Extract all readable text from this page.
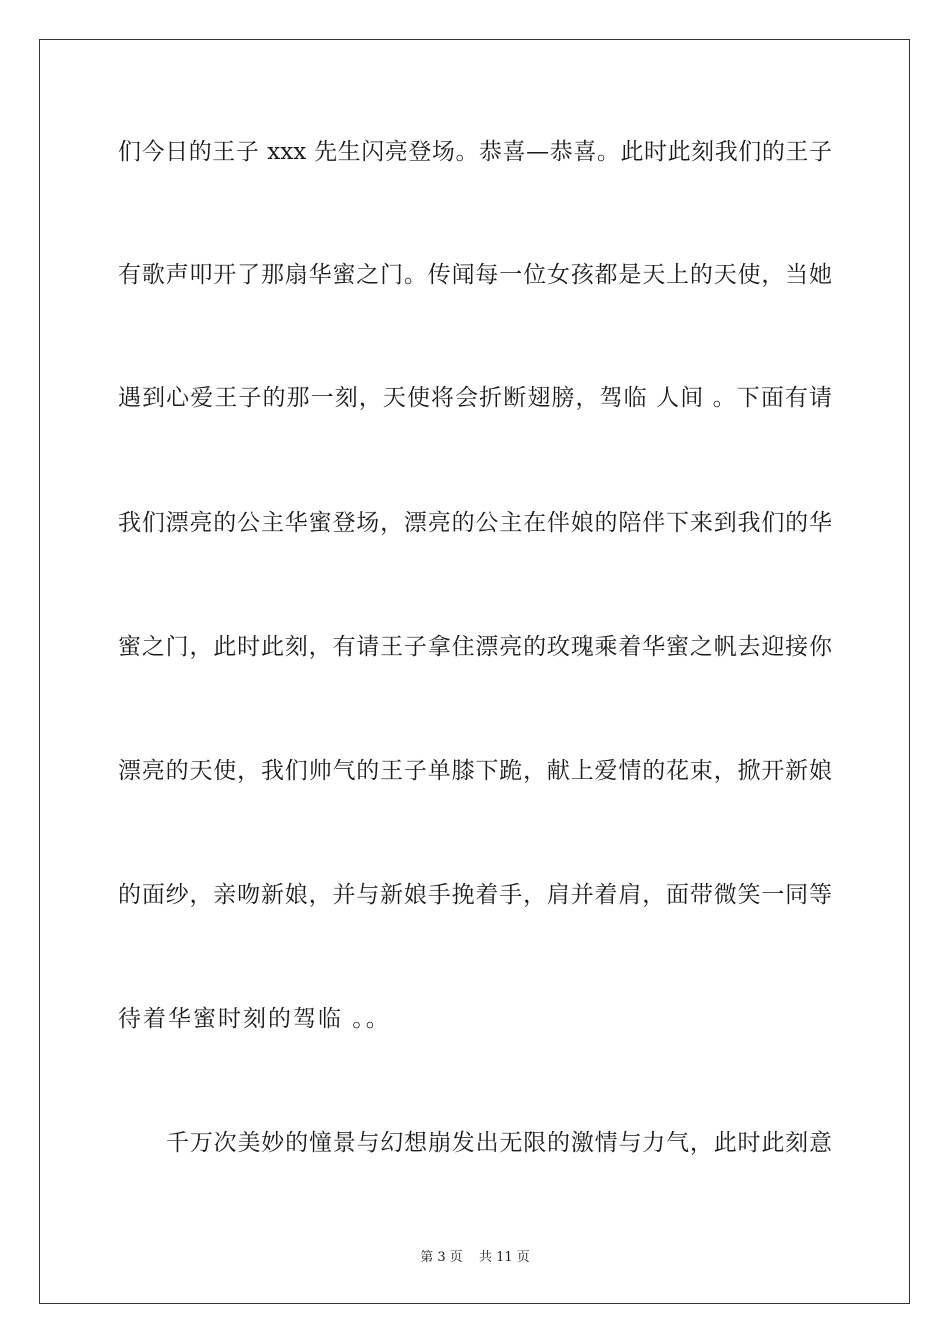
们今日的王子 xxx 先生闪亮登场。恭喜—恭喜。此时此刻我们的王子
有歌声叩开了那扇华蜜之门。传闻每一位女孩都是天上的天使，当她
遇到心爱王子的那一刻，天使将会折断翅膀，驾临 人间 。下面有请
我们漂亮的公主华蜜登场，漂亮的公主在伴娘的陪伴下来到我们的华
蜜之门，此时此刻，有请王子拿住漂亮的玫瑰乘着华蜜之帆去迎接你
漂亮的天使，我们帅气的王子单膝下跪，献上爱情的花束，掀开新娘
的面纱，亲吻新娘，并与新娘手挽着手，肩并着肩，面带微笑一同等
待着华蜜时刻的驾临 。。
千万次美妙的憧景与幻想崩发出无限的激情与力气，此时此刻意
第 3 页 共 11 页
